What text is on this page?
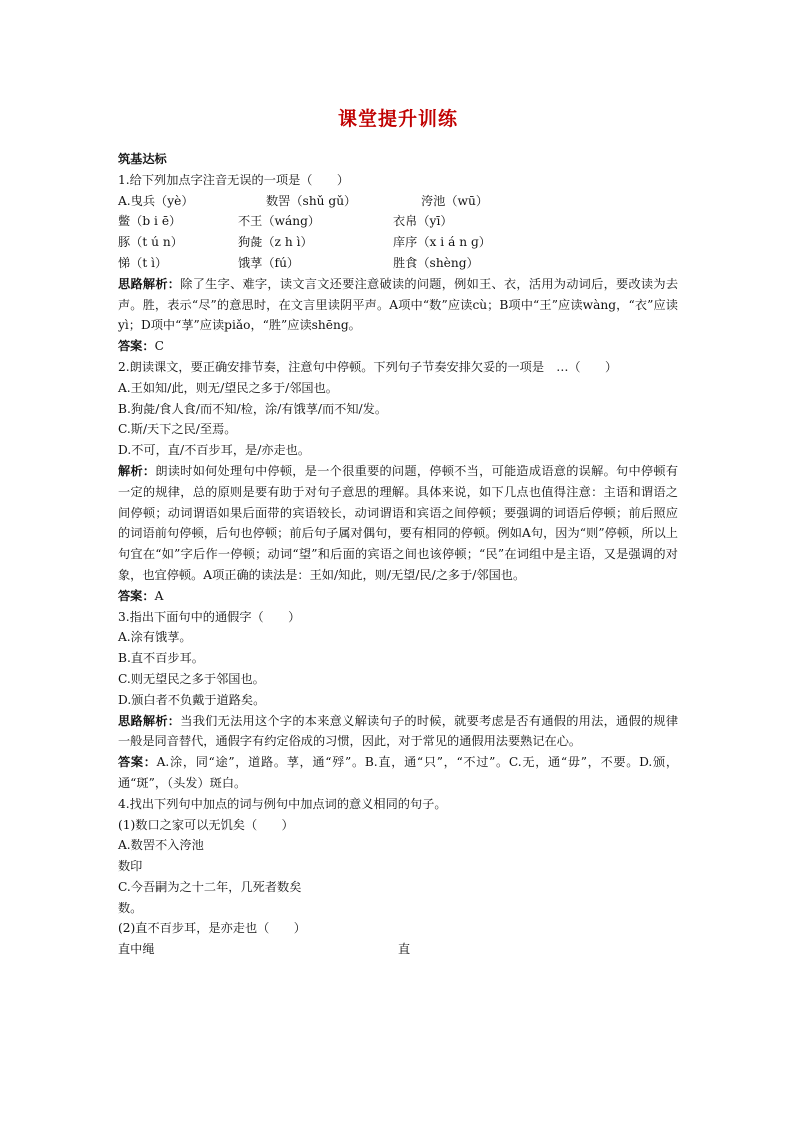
课堂提升训练
筑基达标
1.给下列加点字注音无误的一项是（　　）
A.曳兵（yè）	数罟（shǔ gǔ）	洿池（wū）
鳖（b i ē）	不王（wáng）	衣帛（yī）
豚（t ú n）	狗彘（z h ì）	庠序（x i á n ɡ）
悌（t ì）	饿莩（fú）	胜食（shèng）

思路解析：除了生字、难字，读文言文还要注意破读的问题，例如王、衣，活用为动词后，要改读为去声。胜，表示“尽”的意思时，在文言里读阴平声。A项中“数”应读cù；B项中“王”应读wàng，“衣”应读yì；D项中“莩”应读piǎo，“胜”应读shēng。

答案：C

2.朗读课文，要正确安排节奏，注意句中停顿。下列句子节奏安排欠妥的一项是　…（　　）

A.王如知/此，则无/望民之多于/邻国也。
B.狗彘/食人食/而不知/检，涂/有饿莩/而不知/发。
C.斯/天下之民/至焉。
D.不可，直/不百步耳，是/亦走也。

解析：朗读时如何处理句中停顿，是一个很重要的问题，停顿不当，可能造成语意的误解。句中停顿有一定的规律，总的原则是要有助于对句子意思的理解。具体来说，如下几点也值得注意：主语和谓语之间停顿；动词谓语如果后面带的宾语较长，动词谓语和宾语之间停顿；要强调的词语后停顿；前后照应的词语前句停顿，后句也停顿；前后句子属对偶句，要有相同的停顿。例如A句，因为“则”停顿，所以上句宜在“如”字后作一停顿；动词“望”和后面的宾语之间也该停顿；“民”在词组中是主语，又是强调的对象，也宜停顿。A项正确的读法是：王如/知此，则/无望/民/之多于/邻国也。

答案：A
3.指出下面句中的通假字（　　）
A.涂有饿莩。
B.直不百步耳。
C.则无望民之多于邻国也。
D.颁白者不负戴于道路矣。

思路解析：当我们无法用这个字的本来意义解读句子的时候，就要考虑是否有通假的用法，通假的规律一般是同音替代，通假字有约定俗成的习惯，因此，对于常见的通假用法要熟记在心。

答案：A.涂，同“途”，道路。莩，通“殍”。B.直，通“只”，“不过”。C.无，通“毋”，不要。D.颁，通“斑”，（头发）斑白。

4.找出下列句中加点的词与例句中加点词的意义相同的句子。
(1)数口之家可以无饥矣（　　）
A.数罟不入洿池
数印
C.今吾嗣为之十二年，几死者数矣
数。
(2)直不百步耳，是亦走也（　　）
直中绳	直
